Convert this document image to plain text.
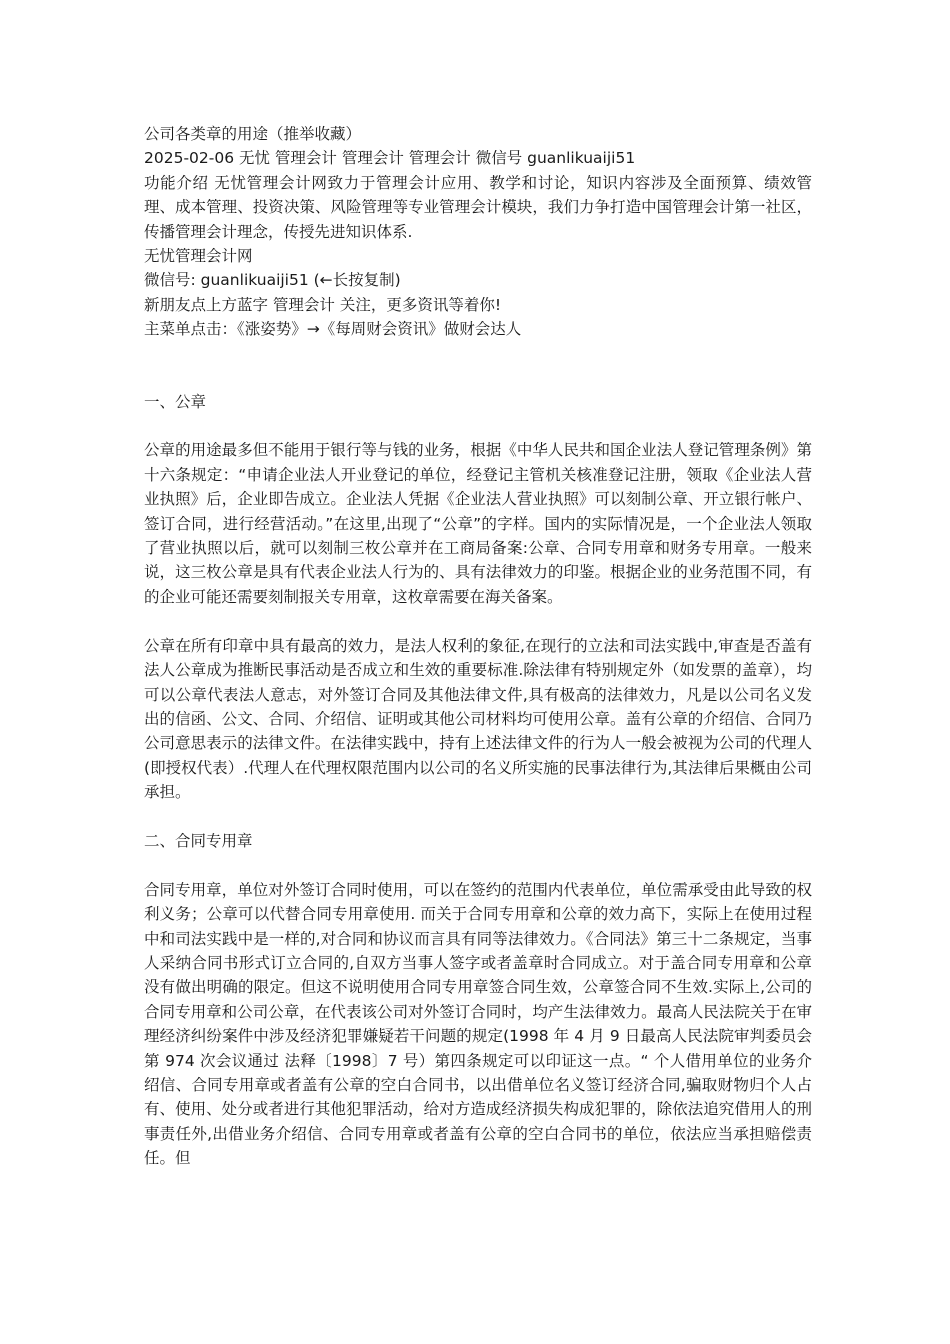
公司各类章的用途（推举收藏）

2025-02-06 无忧 管理会计 管理会计 管理会计 微信号 guanlikuaiji51

功能介绍 无忧管理会计网致力于管理会计应用、教学和讨论，知识内容涉及全面预算、绩效管理、成本管理、投资决策、风险管理等专业管理会计模块，我们力争打造中国管理会计第一社区，传播管理会计理念，传授先进知识体系.

无忧管理会计网

微信号: guanlikuaiji51 (←长按复制)

新朋友点上方蓝字 管理会计 关注，更多资讯等着你!

主菜单点击：《涨姿势》→《每周财会资讯》做财会达人

一、公章

公章的用途最多但不能用于银行等与钱的业务，根据《中华人民共和国企业法人登记管理条例》第十六条规定：“申请企业法人开业登记的单位，经登记主管机关核准登记注册，领取《企业法人营业执照》后，企业即告成立。企业法人凭据《企业法人营业执照》可以刻制公章、开立银行帐户、签订合同，进行经营活动。”在这里,出现了“公章”的字样。国内的实际情况是，一个企业法人领取了营业执照以后，就可以刻制三枚公章并在工商局备案:公章、合同专用章和财务专用章。一般来说，这三枚公章是具有代表企业法人行为的、具有法律效力的印鉴。根据企业的业务范围不同，有的企业可能还需要刻制报关专用章，这枚章需要在海关备案。

公章在所有印章中具有最高的效力，是法人权利的象征,在现行的立法和司法实践中,审查是否盖有法人公章成为推断民事活动是否成立和生效的重要标准.除法律有特别规定外（如发票的盖章），均可以公章代表法人意志，对外签订合同及其他法律文件,具有极高的法律效力，凡是以公司名义发出的信函、公文、合同、介绍信、证明或其他公司材料均可使用公章。盖有公章的介绍信、合同乃公司意思表示的法律文件。在法律实践中，持有上述法律文件的行为人一般会被视为公司的代理人(即授权代表）.代理人在代理权限范围内以公司的名义所实施的民事法律行为,其法律后果概由公司承担。

二、合同专用章

合同专用章，单位对外签订合同时使用，可以在签约的范围内代表单位，单位需承受由此导致的权利义务；公章可以代替合同专用章使用. 而关于合同专用章和公章的效力高下，实际上在使用过程中和司法实践中是一样的,对合同和协议而言具有同等法律效力。《合同法》第三十二条规定，当事人采纳合同书形式订立合同的,自双方当事人签字或者盖章时合同成立。对于盖合同专用章和公章没有做出明确的限定。但这不说明使用合同专用章签合同生效，公章签合同不生效.实际上,公司的合同专用章和公司公章，在代表该公司对外签订合同时，均产生法律效力。最高人民法院关于在审理经济纠纷案件中涉及经济犯罪嫌疑若干问题的规定(1998 年 4 月 9 日最高人民法院审判委员会第 974 次会议通过 法释〔1998〕7 号）第四条规定可以印证这一点。“ 个人借用单位的业务介绍信、合同专用章或者盖有公章的空白合同书，以出借单位名义签订经济合同,骗取财物归个人占有、使用、处分或者进行其他犯罪活动，给对方造成经济损失构成犯罪的，除依法追究借用人的刑事责任外,出借业务介绍信、合同专用章或者盖有公章的空白合同书的单位，依法应当承担赔偿责任。但
